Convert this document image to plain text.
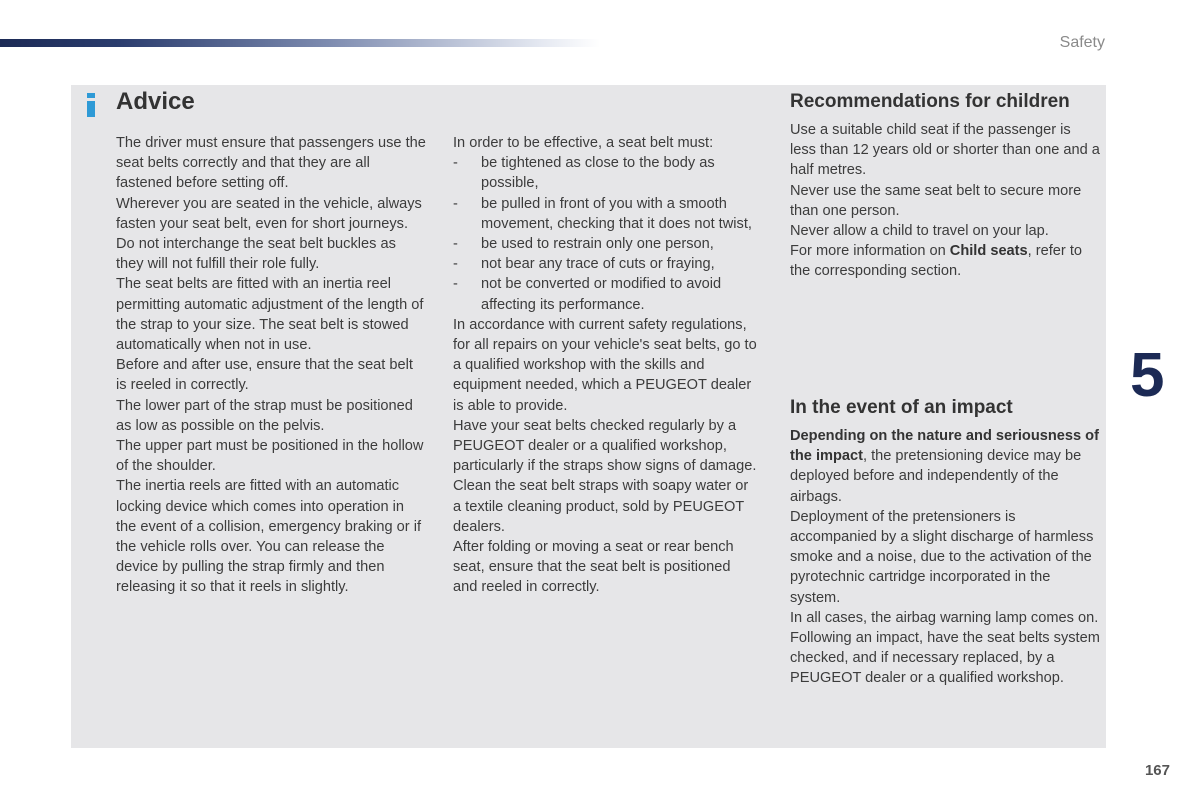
Safety
Advice

The driver must ensure that passengers use the seat belts correctly and that they are all fastened before setting off.

Wherever you are seated in the vehicle, always fasten your seat belt, even for short journeys.

Do not interchange the seat belt buckles as they will not fulfill their role fully.

The seat belts are fitted with an inertia reel permitting automatic adjustment of the length of the strap to your size. The seat belt is stowed automatically when not in use.

Before and after use, ensure that the seat belt is reeled in correctly.

The lower part of the strap must be positioned as low as possible on the pelvis.

The upper part must be positioned in the hollow of the shoulder.

The inertia reels are fitted with an automatic locking device which comes into operation in the event of a collision, emergency braking or if the vehicle rolls over. You can release the device by pulling the strap firmly and then releasing it so that it reels in slightly.

In order to be effective, a seat belt must:

- be tightened as close to the body as possible,
- be pulled in front of you with a smooth movement, checking that it does not twist,
- be used to restrain only one person,
- not bear any trace of cuts or fraying,
- not be converted or modified to avoid affecting its performance.

In accordance with current safety regulations, for all repairs on your vehicle's seat belts, go to a qualified workshop with the skills and equipment needed, which a PEUGEOT dealer is able to provide.

Have your seat belts checked regularly by a PEUGEOT dealer or a qualified workshop, particularly if the straps show signs of damage.

Clean the seat belt straps with soapy water or a textile cleaning product, sold by PEUGEOT dealers.

After folding or moving a seat or rear bench seat, ensure that the seat belt is positioned and reeled in correctly.

Recommendations for children

Use a suitable child seat if the passenger is less than 12 years old or shorter than one and a half metres.

Never use the same seat belt to secure more than one person.

Never allow a child to travel on your lap.

For more information on Child seats, refer to the corresponding section.

In the event of an impact

Depending on the nature and seriousness of the impact, the pretensioning device may be deployed before and independently of the airbags.

Deployment of the pretensioners is accompanied by a slight discharge of harmless smoke and a noise, due to the activation of the pyrotechnic cartridge incorporated in the system.

In all cases, the airbag warning lamp comes on.

Following an impact, have the seat belts system checked, and if necessary replaced, by a PEUGEOT dealer or a qualified workshop.

5
167
